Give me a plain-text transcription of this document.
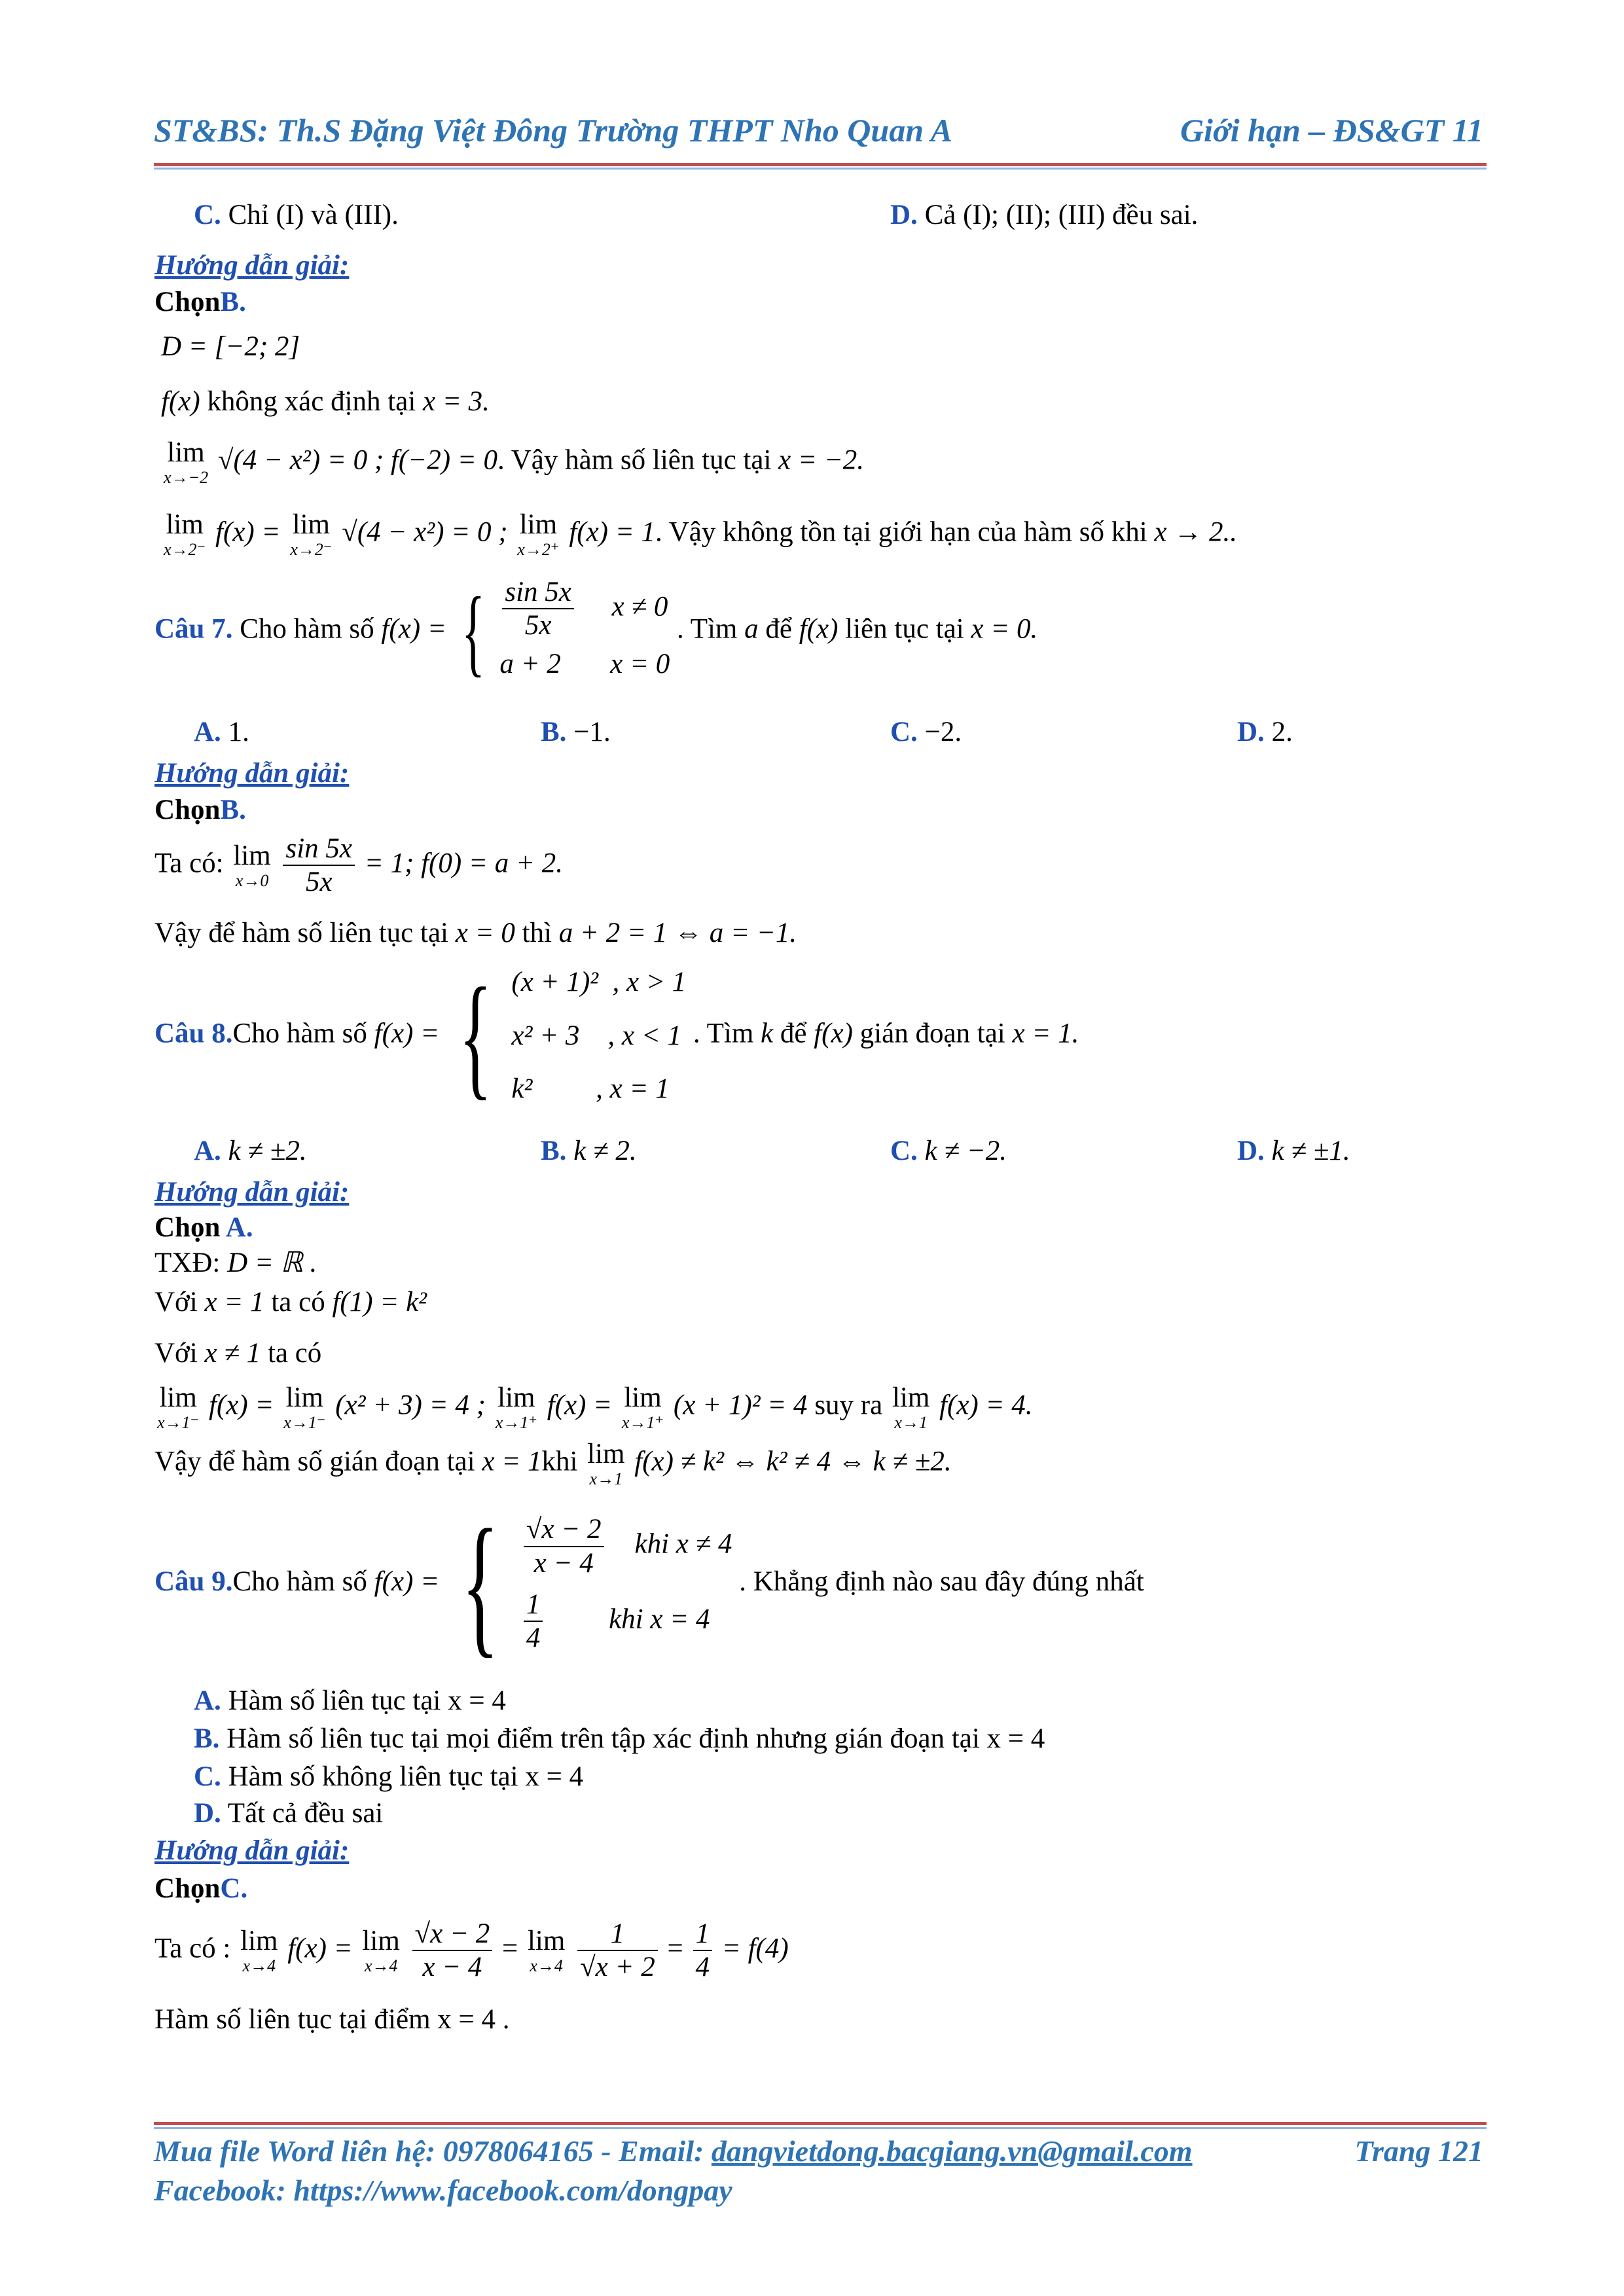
ST&BS: Th.S Đặng Việt Đông Trường THPT Nho Quan A	Giới hạn – ĐS&GT 11
C. Chỉ (I) và (III).	D. Cả (I); (II); (III) đều sai.
Hướng dẫn giải:
ChọnB.
D = [−2; 2]
f(x) không xác định tại x = 3.
lim
x→−2
√(4 − x²) = 0 ; f(−2) = 0. Vậy hàm số liên tục tại x = −2.
lim
x→2⁻
f(x) = lim
x→2⁻
√(4 − x²) = 0 ; lim
x→2⁺
f(x) = 1. Vậy không tồn tại giới hạn của hàm số khi x → 2..
Câu 7. Cho hàm số f(x) = { $\frac{\sin 5x}{5x}$ x ≠ 0
a + 2 x = 0
. Tìm a để f(x) liên tục tại x = 0.
A. 1.	B. −1.	C. −2.	D. 2.
Hướng dẫn giải:
ChọnB.
Ta có: lim
x→0
$\frac{\sin 5x}{5x} = 1$; f(0) = a + 2.
Vậy để hàm số liên tục tại x = 0 thì a + 2 = 1 ⇔ a = −1.
Câu 8.Cho hàm số f(x) = { (x + 1)² , x > 1
x² + 3 , x < 1
k² , x = 1
. Tìm k để f(x) gián đoạn tại x = 1.
A. k ≠ ±2.	B. k ≠ 2.	C. k ≠ −2.	D. k ≠ ±1.
Hướng dẫn giải:
Chọn A.
TXĐ: D = ℝ .
Với x = 1 ta có f(1) = k²
Với x ≠ 1 ta có
lim
x→1⁻
f(x) = lim
x→1⁻
(x² + 3) = 4 ; lim
x→1⁺
f(x) = lim
x→1⁺
(x + 1)² = 4 suy ra lim
x→1
f(x) = 4.
Vậy để hàm số gián đoạn tại x = 1khi lim
x→1
f(x) ≠ k² ⇔ k² ≠ 4 ⇔ k ≠ ±2.
Câu 9.Cho hàm số f(x) = { $\frac{√x - 2}{x - 4}$ khi x ≠ 4
$\frac{1}{4}$ khi x = 4
. Khẳng định nào sau đây đúng nhất
A. Hàm số liên tục tại x = 4
B. Hàm số liên tục tại mọi điểm trên tập xác định nhưng gián đoạn tại x = 4
C. Hàm số không liên tục tại x = 4
D. Tất cả đều sai
Hướng dẫn giải:
ChọnC.
Ta có : lim
x→4
f(x) = lim
x→4
$\frac{√x - 2}{x - 4} = \lim$
x→4
$\frac{1}{√x + 2} = \frac{1}{4} = f(4)$
Hàm số liên tục tại điểm x = 4 .
Mua file Word liên hệ: 0978064165 - Email: dangvietdong.bacgiang.vn@gmail.com	Trang 121
Facebook: https://www.facebook.com/dongpay
